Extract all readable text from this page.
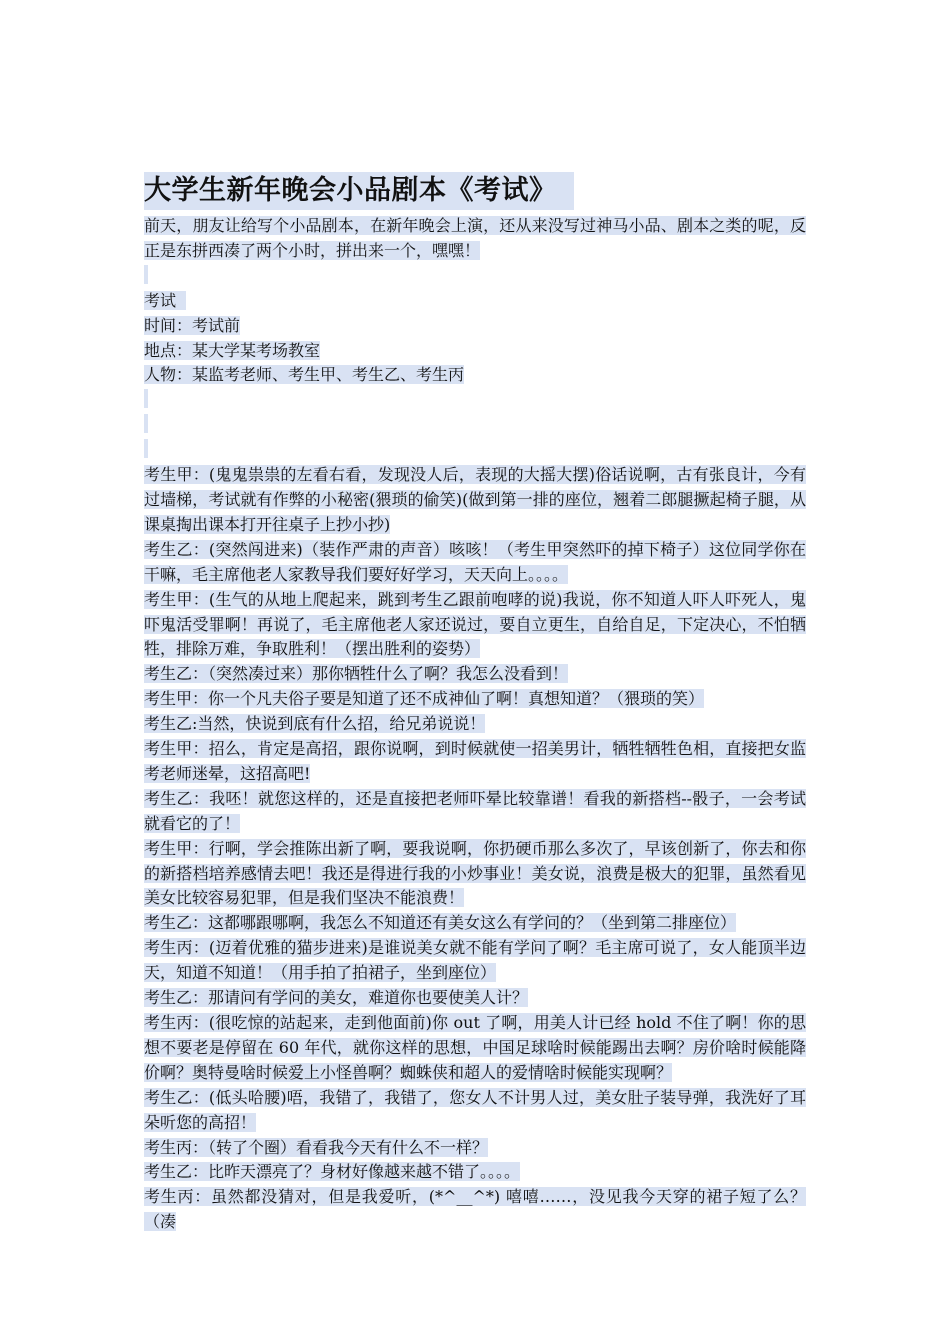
大学生新年晚会小品剧本《考试》

前天，朋友让给写个小品剧本，在新年晚会上演，还从来没写过神马小品、剧本之类的呢，反正是东拼西凑了两个小时，拼出来一个，嘿嘿！

考试

时间：考试前

地点：某大学某考场教室

人物：某监考老师、考生甲、考生乙、考生丙

考生甲：(鬼鬼祟祟的左看右看，发现没人后，表现的大摇大摆)俗话说啊，古有张良计，今有过墙梯，考试就有作弊的小秘密(猥琐的偷笑)(做到第一排的座位，翘着二郎腿撅起椅子腿，从课桌掏出课本打开往桌子上抄小抄)

考生乙：(突然闯进来)（装作严肃的声音）咳咳！（考生甲突然吓的掉下椅子）这位同学你在干嘛，毛主席他老人家教导我们要好好学习，天天向上。。。。

考生甲：(生气的从地上爬起来，跳到考生乙跟前咆哮的说)我说，你不知道人吓人吓死人，鬼吓鬼活受罪啊！再说了，毛主席他老人家还说过，要自立更生，自给自足，下定决心，不怕牺牲，排除万难，争取胜利！（摆出胜利的姿势）

考生乙：（突然凑过来）那你牺牲什么了啊？我怎么没看到！

考生甲：你一个凡夫俗子要是知道了还不成神仙了啊！真想知道？（猥琐的笑）

考生乙:当然，快说到底有什么招，给兄弟说说！

考生甲：招么，肯定是高招，跟你说啊，到时候就使一招美男计，牺牲牺牲色相，直接把女监考老师迷晕，这招高吧!

考生乙：我呸！就您这样的，还是直接把老师吓晕比较靠谱！看我的新搭档--骰子，一会考试就看它的了！

考生甲：行啊，学会推陈出新了啊，要我说啊，你扔硬币那么多次了，早该创新了，你去和你的新搭档培养感情去吧！我还是得进行我的小炒事业！美女说，浪费是极大的犯罪，虽然看见美女比较容易犯罪，但是我们坚决不能浪费！

考生乙：这都哪跟哪啊，我怎么不知道还有美女这么有学问的？（坐到第二排座位）

考生丙：(迈着优雅的猫步进来)是谁说美女就不能有学问了啊？毛主席可说了，女人能顶半边天，知道不知道！（用手拍了拍裙子，坐到座位）

考生乙：那请问有学问的美女，难道你也要使美人计？

考生丙：(很吃惊的站起来，走到他面前)你 out 了啊，用美人计已经 hold 不住了啊！你的思想不要老是停留在 60 年代，就你这样的思想，中国足球啥时候能踢出去啊？房价啥时候能降价啊？奥特曼啥时候爱上小怪兽啊？蜘蛛侠和超人的爱情啥时候能实现啊？

考生乙：(低头哈腰)唔，我错了，我错了，您女人不计男人过，美女肚子装导弹，我洗好了耳朵听您的高招！

考生丙：（转了个圈）看看我今天有什么不一样？

考生乙：比昨天漂亮了？身材好像越来越不错了。。。。

考生丙：虽然都没猜对，但是我爱听，(*^__^*) 嘻嘻……，没见我今天穿的裙子短了么？（凑
